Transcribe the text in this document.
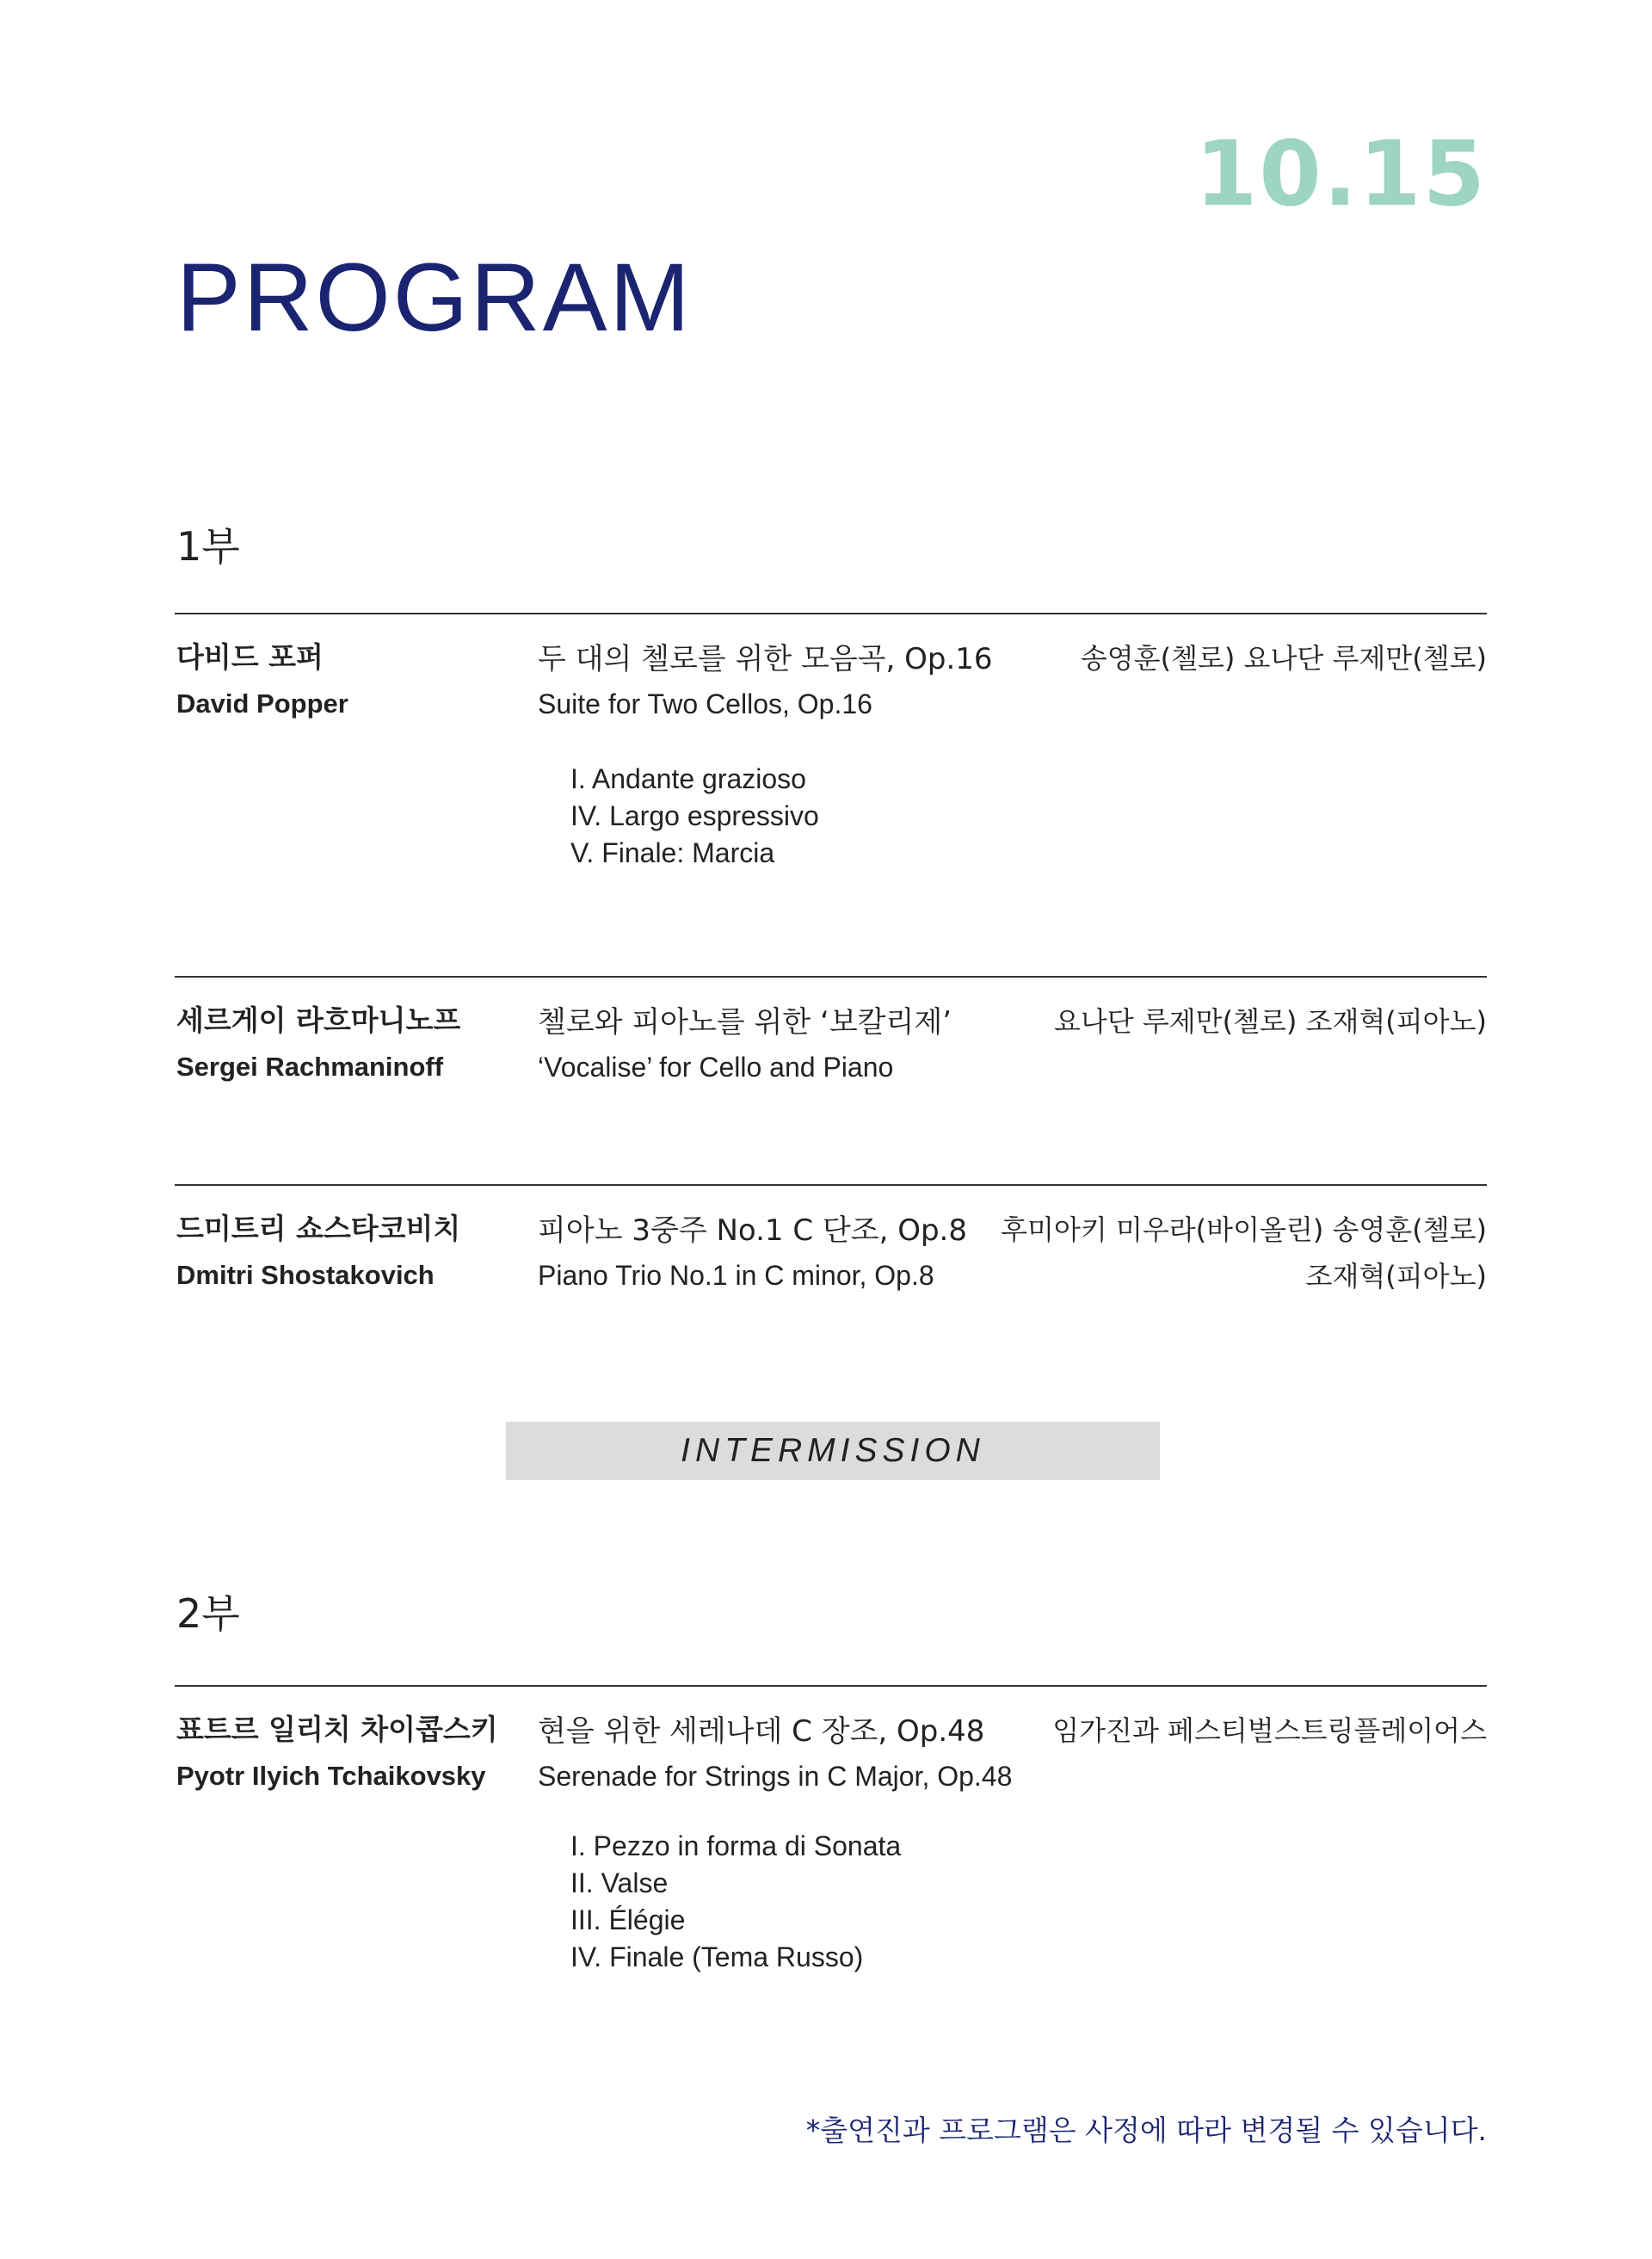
10.15
PROGRAM
1부
다비드 포퍼
David Popper
두 대의 첼로를 위한 모음곡, Op.16
Suite for Two Cellos, Op.16
I. Andante grazioso
IV. Largo espressivo
V. Finale: Marcia
송영훈(첼로) 요나단 루제만(첼로)
세르게이 라흐마니노프
Sergei Rachmaninoff
첼로와 피아노를 위한 ‘보칼리제’
‘Vocalise’ for Cello and Piano
요나단 루제만(첼로) 조재혁(피아노)
드미트리 쇼스타코비치
Dmitri Shostakovich
피아노 3중주 No.1 C 단조, Op.8
Piano Trio No.1 in C minor, Op.8
후미아키 미우라(바이올린) 송영훈(첼로)
조재혁(피아노)
INTERMISSION
2부
표트르 일리치 차이콥스키
Pyotr Ilyich Tchaikovsky
현을 위한 세레나데 C 장조, Op.48
Serenade for Strings in C Major, Op.48
I. Pezzo in forma di Sonata
II. Valse
III. Élégie
IV. Finale (Tema Russo)
임가진과 페스티벌스트링플레이어스
*출연진과 프로그램은 사정에 따라 변경될 수 있습니다.
